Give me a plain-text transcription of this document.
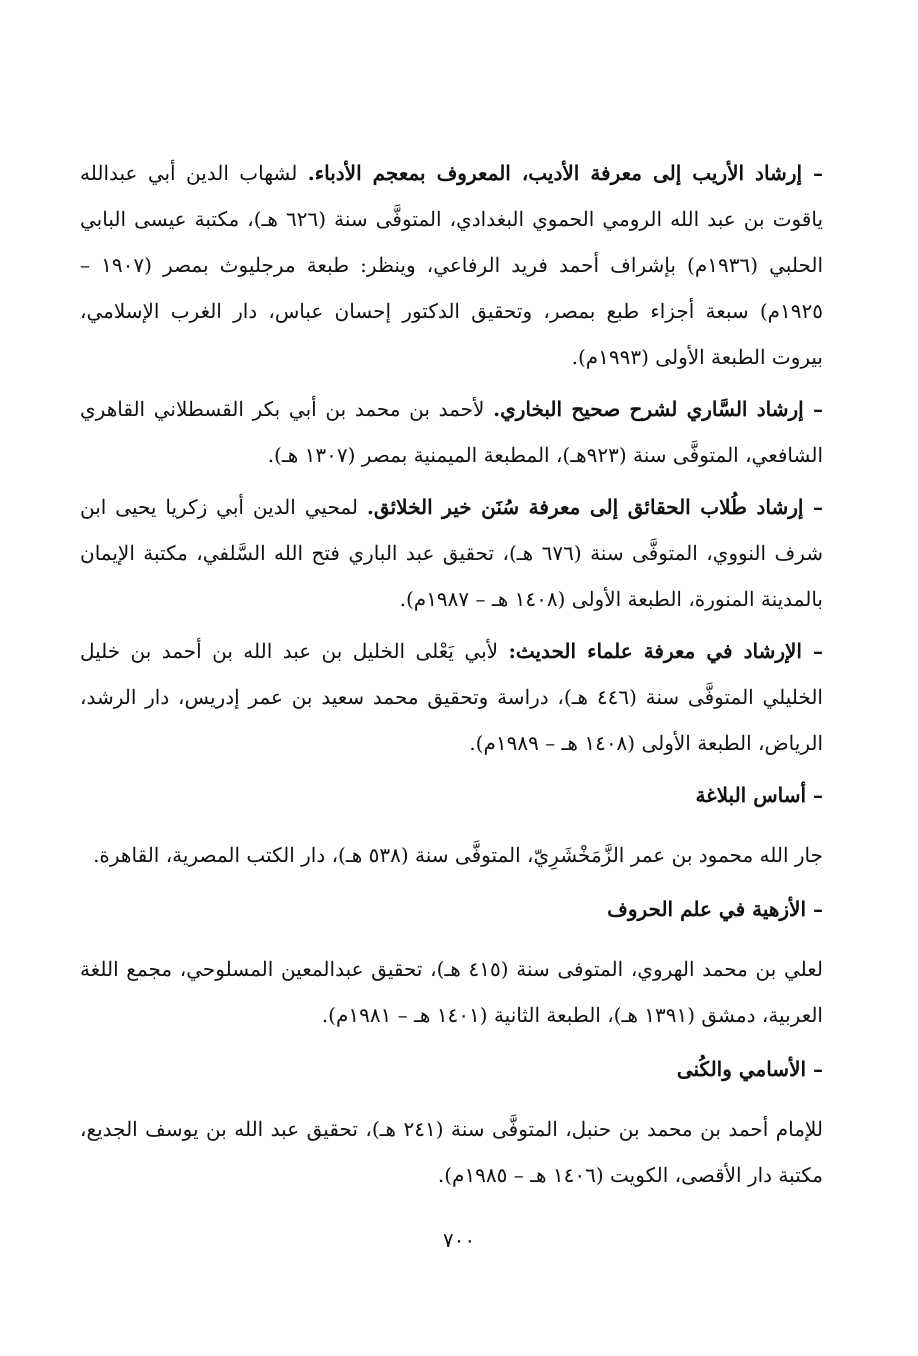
– إرشاد الأريب إلى معرفة الأديب، المعروف بمعجم الأدباء. لشهاب الدين أبي عبدالله ياقوت بن عبد الله الرومي الحموي البغدادي، المتوفَّى سنة (٦٢٦ هـ)، مكتبة عيسى البابي الحلبي (١٩٣٦م) بإشراف أحمد فريد الرفاعي، وينظر: طبعة مرجليوث بمصر (١٩٠٧ – ١٩٢٥م) سبعة أجزاء طبع بمصر، وتحقيق الدكتور إحسان عباس، دار الغرب الإسلامي، بيروت الطبعة الأولى (١٩٩٣م).

– إرشاد السَّاري لشرح صحيح البخاري. لأحمد بن محمد بن أبي بكر القسطلاني القاهري الشافعي، المتوفَّى سنة (٩٢٣هـ)، المطبعة الميمنية بمصر (١٣٠٧ هـ).

– إرشاد طُلاب الحقائق إلى معرفة سُنَن خير الخلائق. لمحيي الدين أبي زكريا يحيى ابن شرف النووي، المتوفَّى سنة (٦٧٦ هـ)، تحقيق عبد الباري فتح الله السَّلفي، مكتبة الإيمان بالمدينة المنورة، الطبعة الأولى (١٤٠٨ هـ – ١٩٨٧م).

– الإرشاد في معرفة علماء الحديث: لأبي يَعْلى الخليل بن عبد الله بن أحمد بن خليل الخليلي المتوفَّى سنة (٤٤٦ هـ)، دراسة وتحقيق محمد سعيد بن عمر إدريس، دار الرشد، الرياض، الطبعة الأولى (١٤٠٨ هـ – ١٩٨٩م).

– أساس البلاغة

جار الله محمود بن عمر الزَّمَخْشَرِيّ، المتوفَّى سنة (٥٣٨ هـ)، دار الكتب المصرية، القاهرة.

– الأزهية في علم الحروف

لعلي بن محمد الهروي، المتوفى سنة (٤١٥ هـ)، تحقيق عبدالمعين المسلوحي، مجمع اللغة العربية، دمشق (١٣٩١ هـ)، الطبعة الثانية (١٤٠١ هـ – ١٩٨١م).

– الأسامي والكُنى

للإمام أحمد بن محمد بن حنبل، المتوفَّى سنة (٢٤١ هـ)، تحقيق عبد الله بن يوسف الجديع، مكتبة دار الأقصى، الكويت (١٤٠٦ هـ – ١٩٨٥م).

٧٠٠
